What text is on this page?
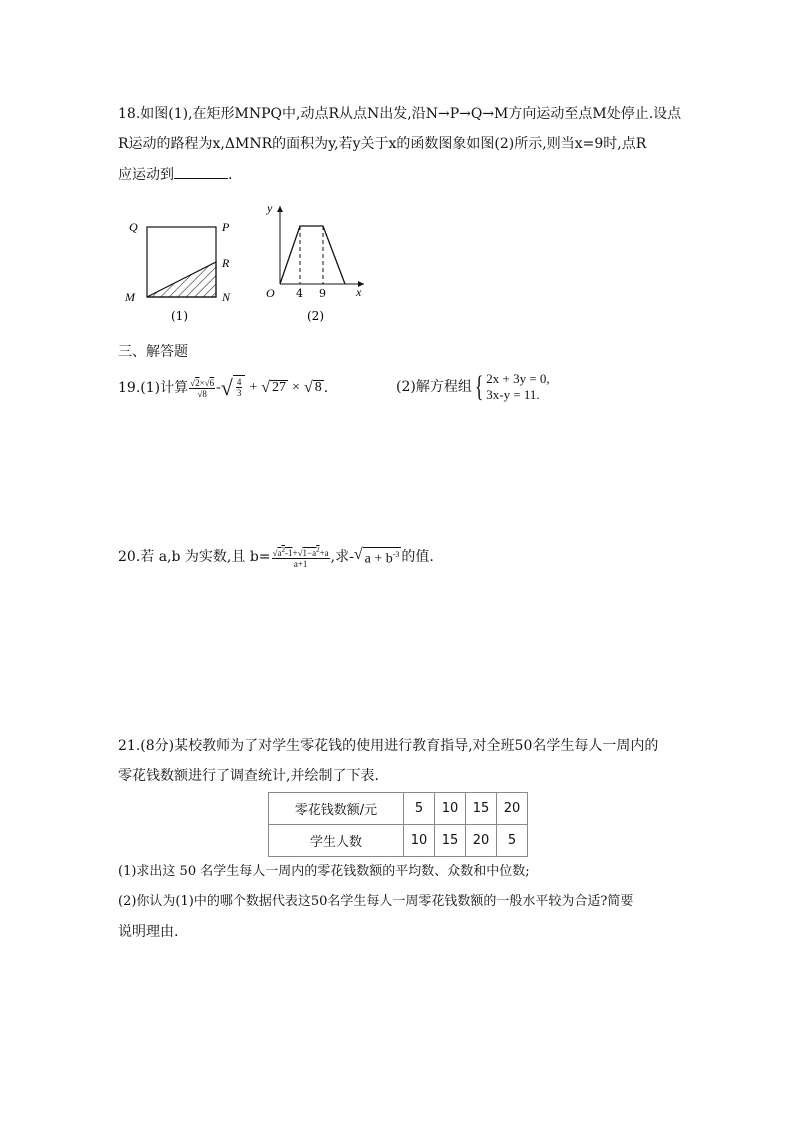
18.如图(1),在矩形MNPQ中,动点R从点N出发,沿N→P→Q→M方向运动至点M处停止.设点
R运动的路程为x,ΔMNR的面积为y,若y关于x的函数图象如图(2)所示,则当x=9时,点R
应运动到	.
Q	P
R
M	N
(1)
y
x
O 4 9
(2)
三、解答题
19.(1)计算 $\frac{√2\times√6}{√8}$ - √ $\frac{4}{3}$ + √ 27 × √ 8 .	(2)解方程组 { 2x + 3y = 0,
3x-y = 11.
20.若 a,b 为实数,且 $b= \frac{√a^2-1+√1-a^2+a}{a+1}$ ,求- √ $a + b^{-3}$ 的值.
21.(8分)某校教师为了对学生零花钱的使用进行教育指导,对全班50名学生每人一周内的
零花钱数额进行了调查统计,并绘制了下表.
零花钱数额/元	5	10	15	20
学生人数	10	15	20	5
(1)求出这 50 名学生每人一周内的零花钱数额的平均数、众数和中位数;
(2)你认为(1)中的哪个数据代表这50名学生每人一周零花钱数额的一般水平较为合适?简要
说明理由.
